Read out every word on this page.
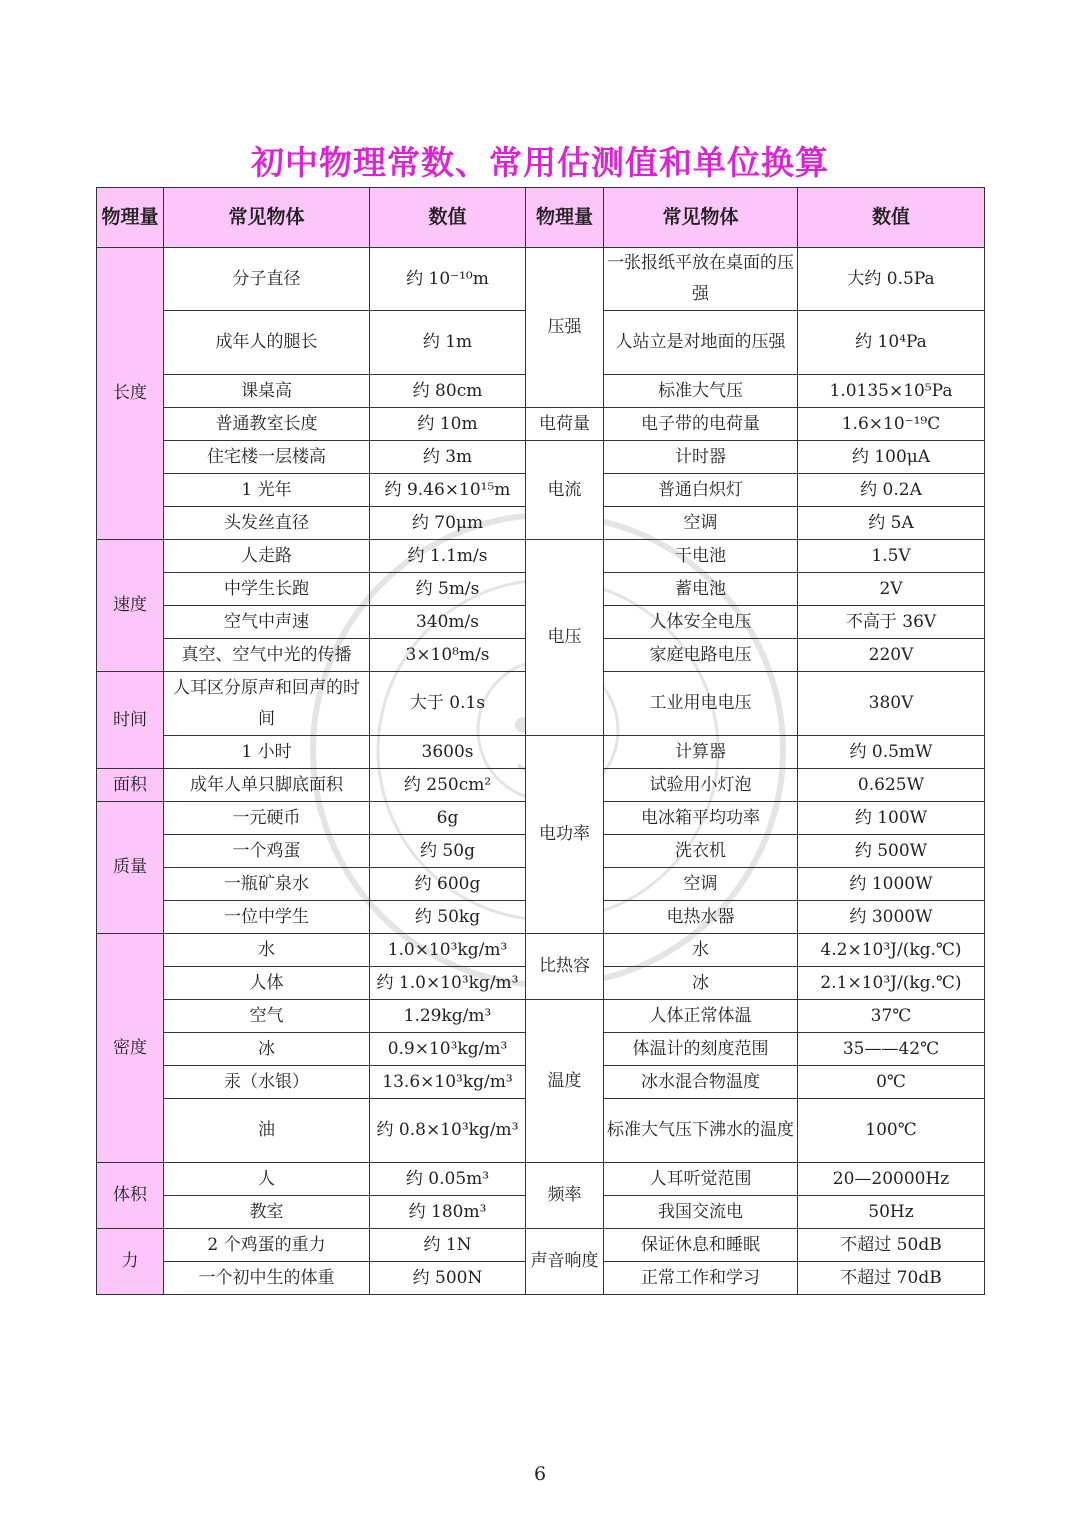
初中物理常数、常用估测值和单位换算
物理量	常见物体	数值	物理量	常见物体	数值
长度	分子直径	约 10⁻¹⁰m	压强	一张报纸平放在桌面的压强	大约 0.5Pa
	成年人的腿长	约 1m		人站立是对地面的压强	约 10⁴Pa
	课桌高	约 80cm		标准大气压	1.0135×10⁵Pa
	普通教室长度	约 10m	电荷量	电子带的电荷量	1.6×10⁻¹⁹C
	住宅楼一层楼高	约 3m	电流	计时器	约 100μA
	1 光年	约 9.46×10¹⁵m		普通白炽灯	约 0.2A
	头发丝直径	约 70μm		空调	约 5A
速度	人走路	约 1.1m/s	电压	干电池	1.5V
	中学生长跑	约 5m/s		蓄电池	2V
	空气中声速	340m/s		人体安全电压	不高于 36V
	真空、空气中光的传播	3×10⁸m/s		家庭电路电压	220V
时间	人耳区分原声和回声的时间	大于 0.1s		工业用电电压	380V
	1 小时	3600s	电功率	计算器	约 0.5mW
面积	成年人单只脚底面积	约 250cm²		试验用小灯泡	0.625W
质量	一元硬币	6g		电冰箱平均功率	约 100W
	一个鸡蛋	约 50g		洗衣机	约 500W
	一瓶矿泉水	约 600g		空调	约 1000W
	一位中学生	约 50kg		电热水器	约 3000W
密度	水	1.0×10³kg/m³	比热容	水	4.2×10³J/(kg.℃)
	人体	约 1.0×10³kg/m³		冰	2.1×10³J/(kg.℃)
	空气	1.29kg/m³	温度	人体正常体温	37℃
	冰	0.9×10³kg/m³		体温计的刻度范围	35——42℃
	汞（水银）	13.6×10³kg/m³		冰水混合物温度	0℃
	油	约 0.8×10³kg/m³		标准大气压下沸水的温度	100℃
体积	人	约 0.05m³	频率	人耳听觉范围	20—20000Hz
	教室	约 180m³		我国交流电	50Hz
力	2 个鸡蛋的重力	约 1N	声音响度	保证休息和睡眠	不超过 50dB
	一个初中生的体重	约 500N		正常工作和学习	不超过 70dB
6
